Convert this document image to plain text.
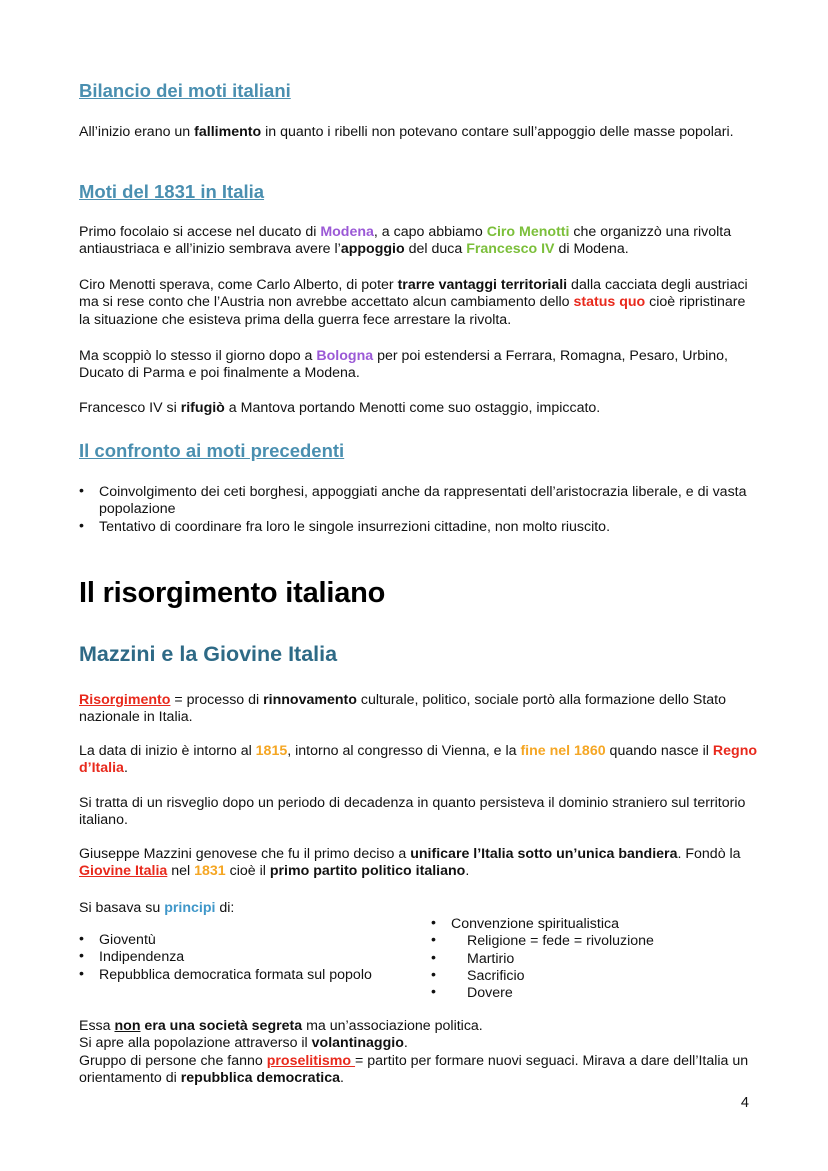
Bilancio dei moti italiani
All’inizio erano un fallimento in quanto i ribelli non potevano contare sull’appoggio delle masse popolari.
Moti del 1831 in Italia
Primo focolaio si accese nel ducato di Modena, a capo abbiamo Ciro Menotti che organizzò una rivolta antiaustriaca e all’inizio sembrava avere l’appoggio del duca Francesco IV di Modena.
Ciro Menotti sperava, come Carlo Alberto, di poter trarre vantaggi territoriali dalla cacciata degli austriaci ma si rese conto che l’Austria non avrebbe accettato alcun cambiamento dello status quo cioè ripristinare la situazione che esisteva prima della guerra fece arrestare la rivolta.
Ma scoppiò lo stesso il giorno dopo a Bologna per poi estendersi a Ferrara, Romagna, Pesaro, Urbino, Ducato di Parma e poi finalmente a Modena.
Francesco IV si rifugiò a Mantova portando Menotti come suo ostaggio, impiccato.
Il confronto ai moti precedenti
• Coinvolgimento dei ceti borghesi, appoggiati anche da rappresentati dell’aristocrazia liberale, e di vasta popolazione
• Tentativo di coordinare fra loro le singole insurrezioni cittadine, non molto riuscito.
Il risorgimento italiano
Mazzini e la Giovine Italia
Risorgimento = processo di rinnovamento culturale, politico, sociale portò alla formazione dello Stato nazionale in Italia.
La data di inizio è intorno al 1815, intorno al congresso di Vienna, e la fine nel 1860 quando nasce il Regno d’Italia.
Si tratta di un risveglio dopo un periodo di decadenza in quanto persisteva il dominio straniero sul territorio italiano.
Giuseppe Mazzini genovese che fu il primo deciso a unificare l’Italia sotto un’unica bandiera. Fondò la Giovine Italia nel 1831 cioè il primo partito politico italiano.
Si basava su principi di:
• Gioventù
• Indipendenza
• Repubblica democratica formata sul popolo
• Convenzione spiritualistica
• Religione = fede = rivoluzione
• Martirio
• Sacrificio
• Dovere
Essa non era una società segreta ma un’associazione politica.
Si apre alla popolazione attraverso il volantinaggio.
Gruppo di persone che fanno proselitismo = partito per formare nuovi seguaci. Mirava a dare dell’Italia un orientamento di repubblica democratica.
4
